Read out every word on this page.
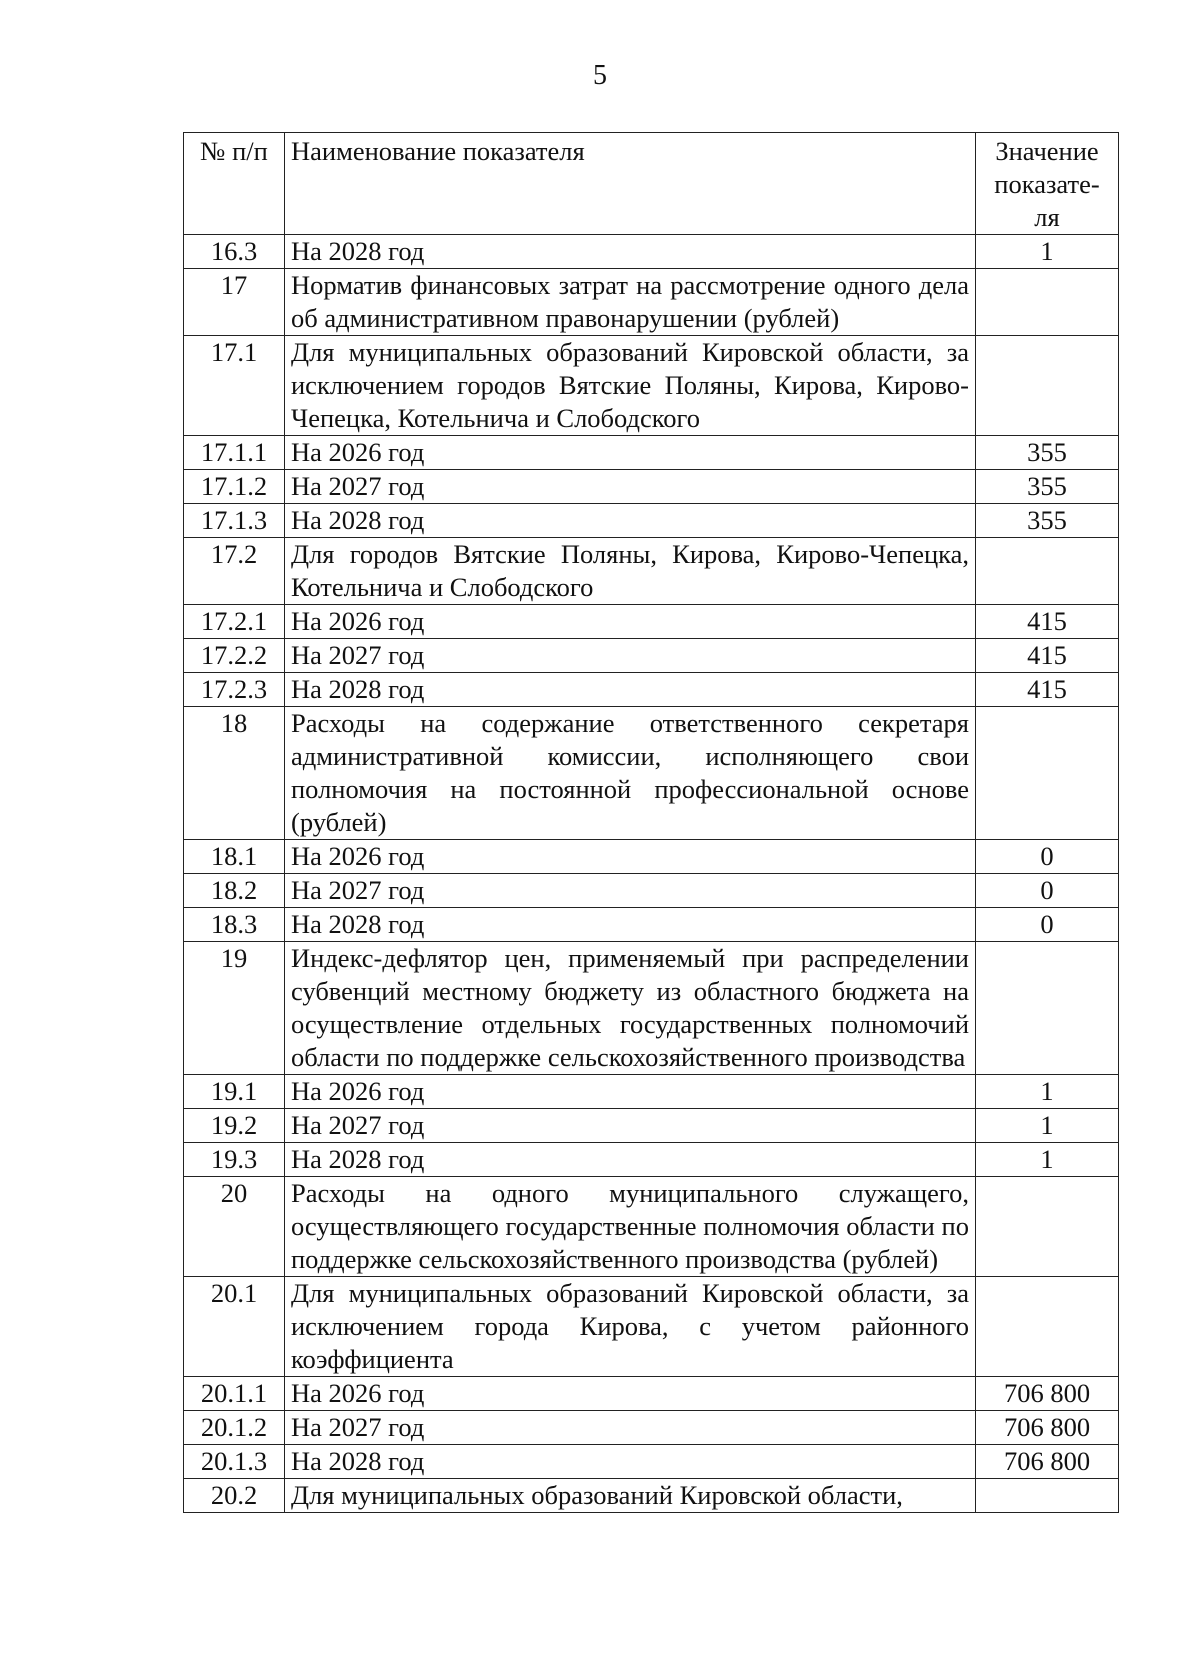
5
№ п/п	Наименование показателя	Значение показате-ля
16.3	На 2028 год	1
17	Норматив финансовых затрат на рассмотрение одного дела об административном правонарушении (рублей)	
17.1	Для муниципальных образований Кировской области, за исключением городов Вятские Поляны, Кирова, Кирово-Чепецка, Котельнича и Слободского	
17.1.1	На 2026 год	355
17.1.2	На 2027 год	355
17.1.3	На 2028 год	355
17.2	Для городов Вятские Поляны, Кирова, Кирово-Чепецка, Котельнича и Слободского	
17.2.1	На 2026 год	415
17.2.2	На 2027 год	415
17.2.3	На 2028 год	415
18	Расходы на содержание ответственного секретаря административной комиссии, исполняющего свои полномочия на постоянной профессиональной основе (рублей)	
18.1	На 2026 год	0
18.2	На 2027 год	0
18.3	На 2028 год	0
19	Индекс-дефлятор цен, применяемый при распределении субвенций местному бюджету из областного бюджета на осуществление отдельных государственных полномочий области по поддержке сельскохозяйственного производства	
19.1	На 2026 год	1
19.2	На 2027 год	1
19.3	На 2028 год	1
20	Расходы на одного муниципального служащего, осуществляющего государственные полномочия области по поддержке сельскохозяйственного производства (рублей)	
20.1	Для муниципальных образований Кировской области, за исключением города Кирова, с учетом районного коэффициента	
20.1.1	На 2026 год	706 800
20.1.2	На 2027 год	706 800
20.1.3	На 2028 год	706 800
20.2	Для муниципальных образований Кировской области,	
